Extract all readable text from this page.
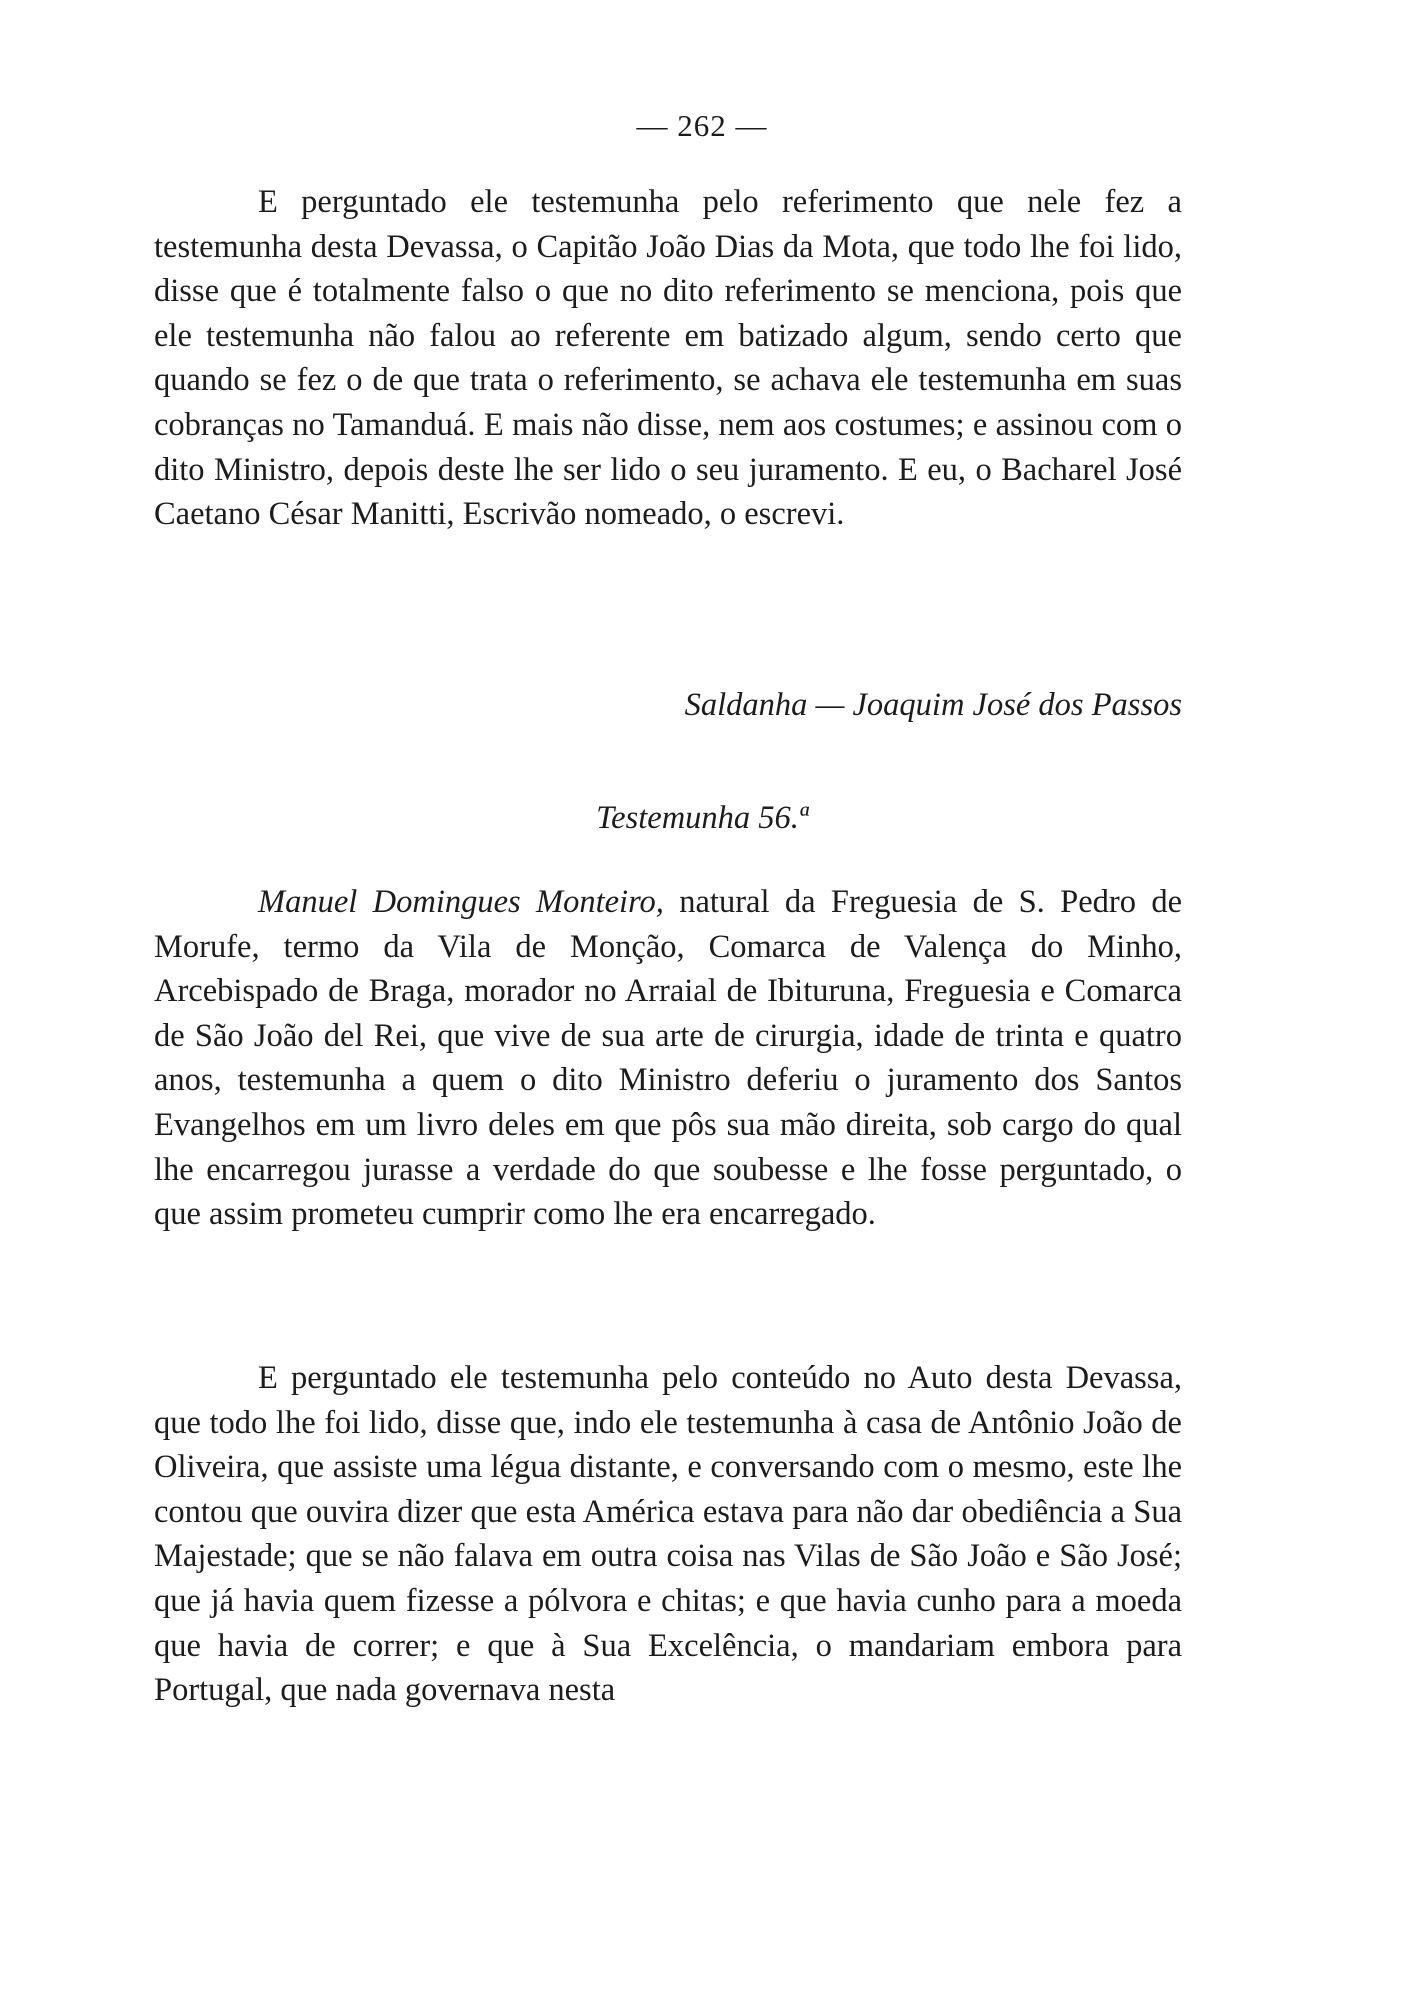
— 262 —

E perguntado ele testemunha pelo referimento que nele fez a testemunha desta Devassa, o Capitão João Dias da Mota, que todo lhe foi lido, disse que é totalmente falso o que no dito referimento se menciona, pois que ele testemunha não falou ao referente em batizado algum, sendo certo que quando se fez o de que trata o referimento, se achava ele testemunha em suas cobranças no Tamanduá. E mais não disse, nem aos costumes; e assinou com o dito Ministro, depois deste lhe ser lido o seu juramento. E eu, o Bacharel José Caetano César Manitti, Escrivão nomeado, o escrevi.

Saldanha — Joaquim José dos Passos
Testemunha 56.ª

Manuel Domingues Monteiro, natural da Freguesia de S. Pedro de Morufe, termo da Vila de Monção, Comarca de Valença do Minho, Arcebispado de Braga, morador no Arraial de Ibituruna, Freguesia e Comarca de São João del Rei, que vive de sua arte de cirurgia, idade de trinta e quatro anos, testemunha a quem o dito Ministro deferiu o juramento dos Santos Evangelhos em um livro deles em que pôs sua mão direita, sob cargo do qual lhe encarregou jurasse a verdade do que soubesse e lhe fosse perguntado, o que assim prometeu cumprir como lhe era encarregado.

E perguntado ele testemunha pelo conteúdo no Auto desta Devassa, que todo lhe foi lido, disse que, indo ele testemunha à casa de Antônio João de Oliveira, que assiste uma légua distante, e conversando com o mesmo, este lhe contou que ouvira dizer que esta América estava para não dar obediência a Sua Majestade; que se não falava em outra coisa nas Vilas de São João e São José; que já havia quem fizesse a pólvora e chitas; e que havia cunho para a moeda que havia de correr; e que à Sua Excelência, o mandariam embora para Portugal, que nada governava nesta
